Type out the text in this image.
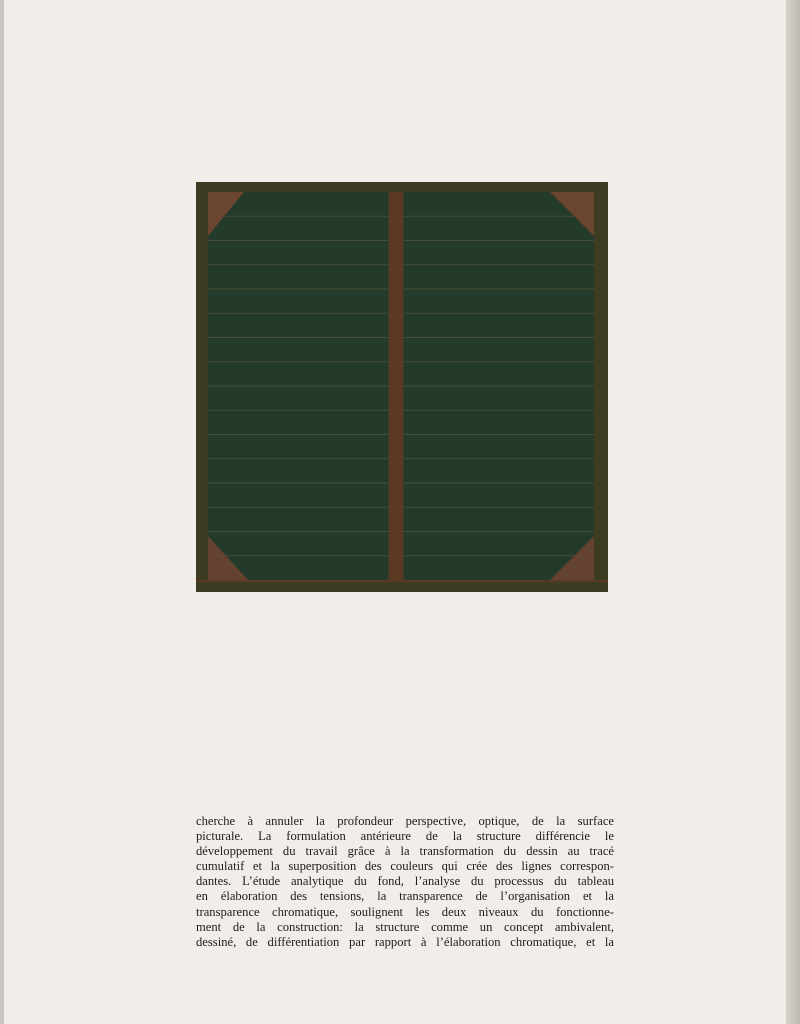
cherche à annuler la profondeur perspective, optique, de la surface
picturale. La formulation antérieure de la structure différencie le
développement du travail grâce à la transformation du dessin au tracé
cumulatif et la superposition des couleurs qui crée des lignes correspon-
dantes. L’étude analytique du fond, l’analyse du processus du tableau
en élaboration des tensions, la transparence de l’organisation et la
transparence chromatique, soulignent les deux niveaux du fonctionne-
ment de la construction: la structure comme un concept ambivalent,
dessiné, de différentiation par rapport à l’élaboration chromatique, et la
